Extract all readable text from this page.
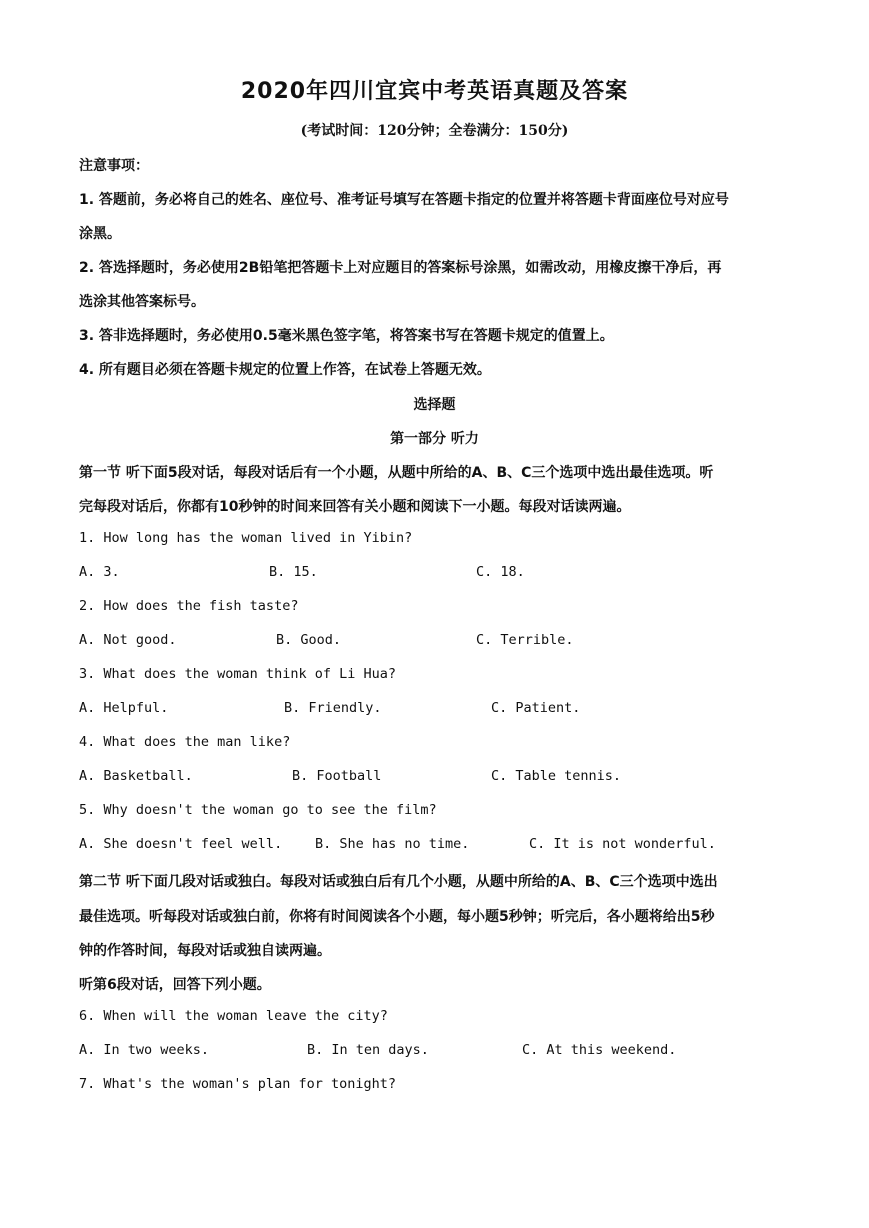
2020年四川宜宾中考英语真题及答案
(考试时间：120分钟；全卷满分：150分)
注意事项：
1. 答题前，务必将自己的姓名、座位号、准考证号填写在答题卡指定的位置并将答题卡背面座位号对应号
涂黑。
2. 答选择题时，务必使用2B铅笔把答题卡上对应题目的答案标号涂黑，如需改动，用橡皮擦干净后，再
选涂其他答案标号。
3. 答非选择题时，务必使用0.5毫米黑色签字笔，将答案书写在答题卡规定的值置上。
4. 所有题目必须在答题卡规定的位置上作答，在试卷上答题无效。
选择题
第一部分 听力
第一节 听下面5段对话，每段对话后有一个小题，从题中所给的A、B、C三个选项中选出最佳选项。听
完每段对话后，你都有10秒钟的时间来回答有关小题和阅读下一小题。每段对话读两遍。
1. How long has the woman lived in Yibin?
A. 3.	B. 15.	C. 18.
2. How does the fish taste?
A. Not good.	B. Good.	C. Terrible.
3. What does the woman think of Li Hua?
A. Helpful.	B. Friendly.	C. Patient.
4. What does the man like?
A. Basketball.	B. Football	C. Table tennis.
5. Why doesn't the woman go to see the film?
A. She doesn't feel well. B. She has no time.	C. It is not wonderful.
第二节 听下面几段对话或独白。每段对话或独白后有几个小题，从题中所给的A、B、C三个选项中选出
最佳选项。听每段对话或独白前，你将有时间阅读各个小题，每小题5秒钟；听完后，各小题将给出5秒
钟的作答时间，每段对话或独自读两遍。
听第6段对话，回答下列小题。
6. When will the woman leave the city?
A. In two weeks.	B. In ten days.	C. At this weekend.
7. What's the woman's plan for tonight?
